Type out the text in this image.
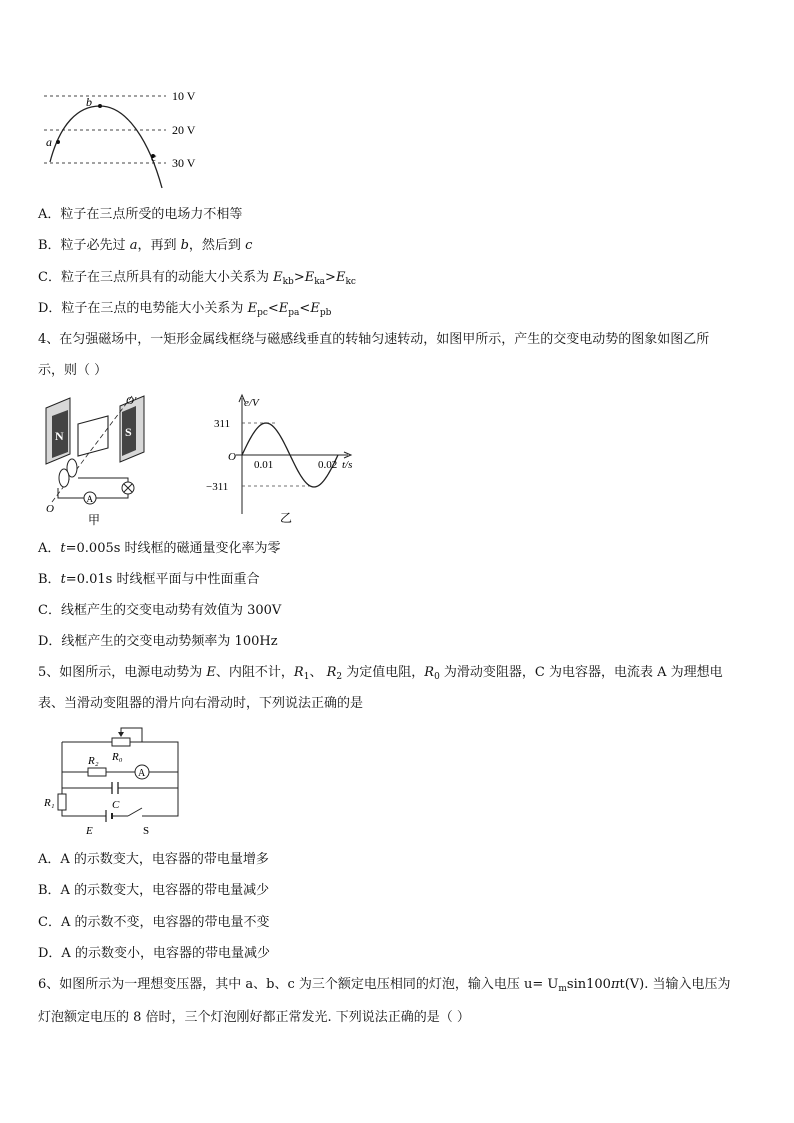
a
b
c
10 V
20 V
30 V
A．粒子在三点所受的电场力不相等
B．粒子必先过 a，再到 b，然后到 c
C．粒子在三点所具有的动能大小关系为 $E_{kb}>E_{ka}>E_{kc}$
D．粒子在三点的电势能大小关系为 $E_{pc}<E_{pa}<E_{pb}$
4、在匀强磁场中，一矩形金属线框绕与磁感线垂直的转轴匀速转动，如图甲所示，产生的交变电动势的图象如图乙所
示，则（ ）
N	S
O'
O
A
甲
e/V
t/s
O
311
−311
0.01	0.02
乙
A．t=0.005s 时线框的磁通量变化率为零
B．t=0.01s 时线框平面与中性面重合
C．线框产生的交变电动势有效值为 300V
D．线框产生的交变电动势频率为 100Hz
5、如图所示，电源电动势为 E、内阻不计，$R_1$、 $R_2$ 为定值电阻，$R_0$ 为滑动变阻器，C 为电容器，电流表 A 为理想电
表、当滑动变阻器的滑片向右滑动时，下列说法正确的是
R₀
R₂
A
C
R₁
E	S
A．A 的示数变大，电容器的带电量增多
B．A 的示数变大，电容器的带电量减少
C．A 的示数不变，电容器的带电量不变
D．A 的示数变小，电容器的带电量减少
6、如图所示为一理想变压器，其中 a、b、c 为三个额定电压相同的灯泡，输入电压 $u= U_m\sin 100\pi t(V)$. 当输入电压为
灯泡额定电压的 8 倍时，三个灯泡刚好都正常发光. 下列说法正确的是（ ）
